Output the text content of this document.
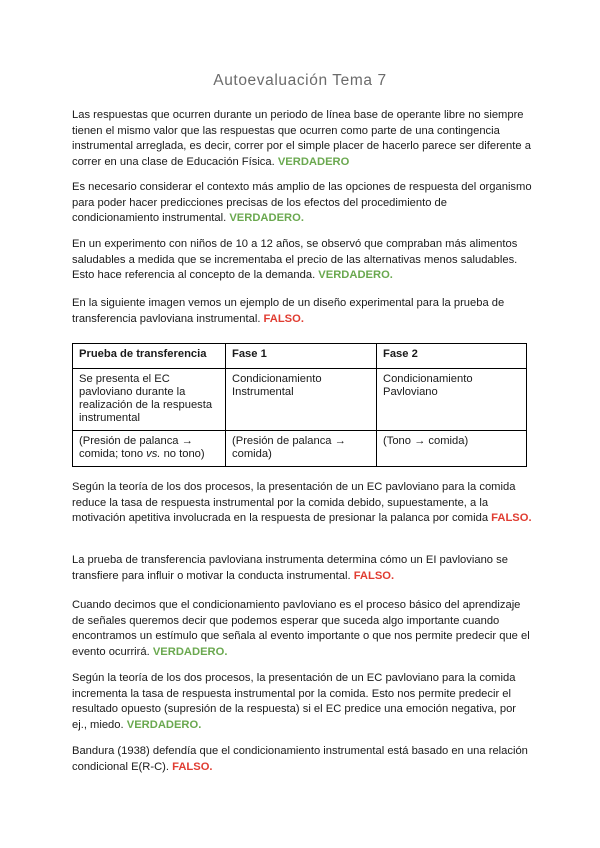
Autoevaluación Tema 7

Las respuestas que ocurren durante un periodo de línea base de operante libre no siempre tienen el mismo valor que las respuestas que ocurren como parte de una contingencia instrumental arreglada, es decir, correr por el simple placer de hacerlo parece ser diferente a correr en una clase de Educación Física. VERDADERO

Es necesario considerar el contexto más amplio de las opciones de respuesta del organismo para poder hacer predicciones precisas de los efectos del procedimiento de condicionamiento instrumental. VERDADERO.

En un experimento con niños de 10 a 12 años, se observó que compraban más alimentos saludables a medida que se incrementaba el precio de las alternativas menos saludables. Esto hace referencia al concepto de la demanda. VERDADERO.

En la siguiente imagen vemos un ejemplo de un diseño experimental para la prueba de transferencia pavloviana instrumental. FALSO.

Prueba de transferencia	Fase 1	Fase 2
Se presenta el EC pavloviano durante la realización de la respuesta instrumental	Condicionamiento Instrumental	Condicionamiento Pavloviano
(Presión de palanca → comida; tono vs. no tono)	(Presión de palanca → comida)	(Tono → comida)

Según la teoría de los dos procesos, la presentación de un EC pavloviano para la comida reduce la tasa de respuesta instrumental por la comida debido, supuestamente, a la motivación apetitiva involucrada en la respuesta de presionar la palanca por comida FALSO.

La prueba de transferencia pavloviana instrumenta determina cómo un EI pavloviano se transfiere para influir o motivar la conducta instrumental. FALSO.

Cuando decimos que el condicionamiento pavloviano es el proceso básico del aprendizaje de señales queremos decir que podemos esperar que suceda algo importante cuando encontramos un estímulo que señala al evento importante o que nos permite predecir que el evento ocurrirá. VERDADERO.

Según la teoría de los dos procesos, la presentación de un EC pavloviano para la comida incrementa la tasa de respuesta instrumental por la comida. Esto nos permite predecir el resultado opuesto (supresión de la respuesta) si el EC predice una emoción negativa, por ej., miedo. VERDADERO.

Bandura (1938) defendía que el condicionamiento instrumental está basado en una relación condicional E(R-C). FALSO.
